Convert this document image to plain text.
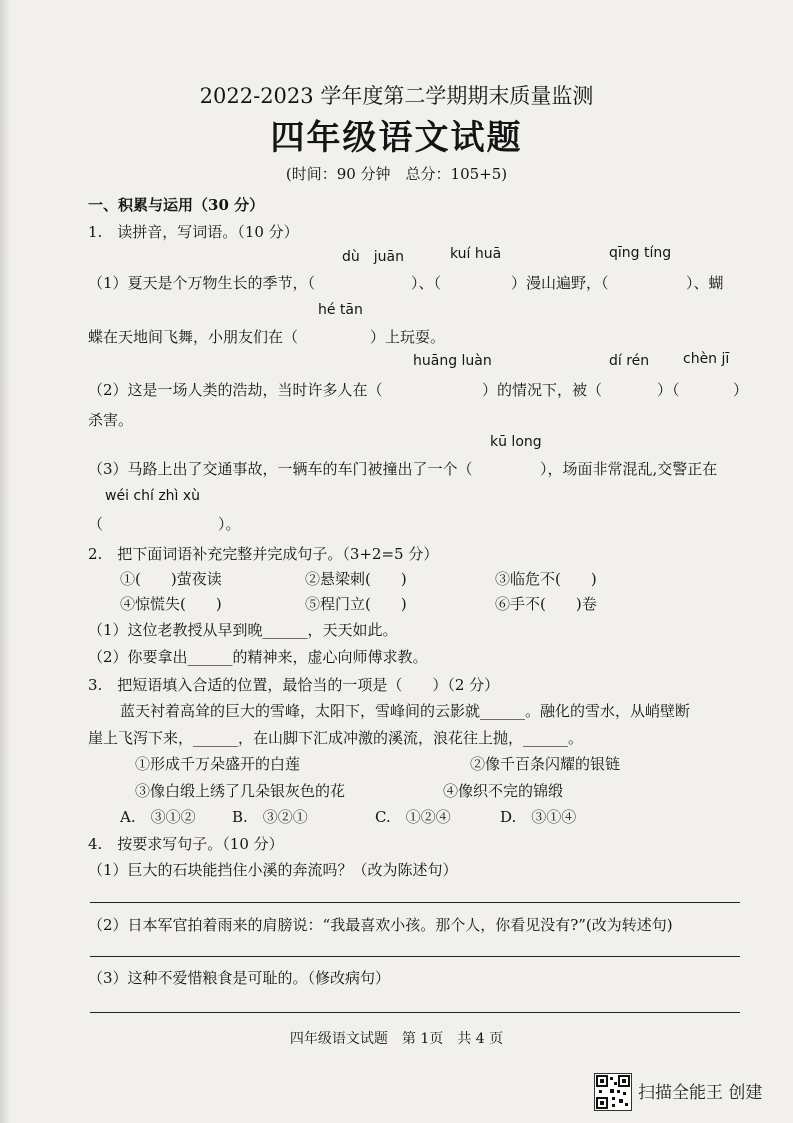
2022-2023 学年度第二学期期末质量监测
四年级语文试题
(时间：90 分钟　总分：105+5)
一、积累与运用（30 分）
1.　读拼音，写词语。（10 分）
dù　juān	kuí huā	qīng tíng
（1）夏天是个万物生长的季节，（	）、（	）漫山遍野，（	）、蝴
hé tān
蝶在天地间飞舞，小朋友们在（	）上玩耍。
huāng luàn	dí rén chèn jī
（2）这是一场人类的浩劫，当时许多人在（	）的情况下，被（	）（	）
杀害。
kū long
（3）马路上出了交通事故，一辆车的车门被撞出了一个（	），场面非常混乱,交警正在
wéi chí zhì xù
（	）。
2.　把下面词语补充完整并完成句子。（3+2=5 分）
①(　　)萤夜读	②悬梁刺(　　)	③临危不(　　)
④惊慌失(　　)	⑤程门立(　　)	⑥手不(　　)卷
（1）这位老教授从早到晚______，天天如此。
（2）你要拿出______的精神来，虚心向师傅求教。
3.　把短语填入合适的位置，最恰当的一项是（　　）（2 分）
蓝天衬着高耸的巨大的雪峰，太阳下，雪峰间的云影就______。融化的雪水，从峭壁断
崖上飞泻下来，______，在山脚下汇成冲激的溪流，浪花往上抛，______。
①形成千万朵盛开的白莲	②像千百条闪耀的银链
③像白缎上绣了几朵银灰色的花	④像织不完的锦缎
A.　③①② B.　③②①	C.　①②④	D.　③①④
4.　按要求写句子。（10 分）
（1）巨大的石块能挡住小溪的奔流吗？（改为陈述句）
（2）日本军官拍着雨来的肩膀说：“我最喜欢小孩。那个人，你看见没有?”(改为转述句)
（3）这种不爱惜粮食是可耻的。（修改病句）
四年级语文试题　第 1页　共 4 页
扫描全能王 创建
